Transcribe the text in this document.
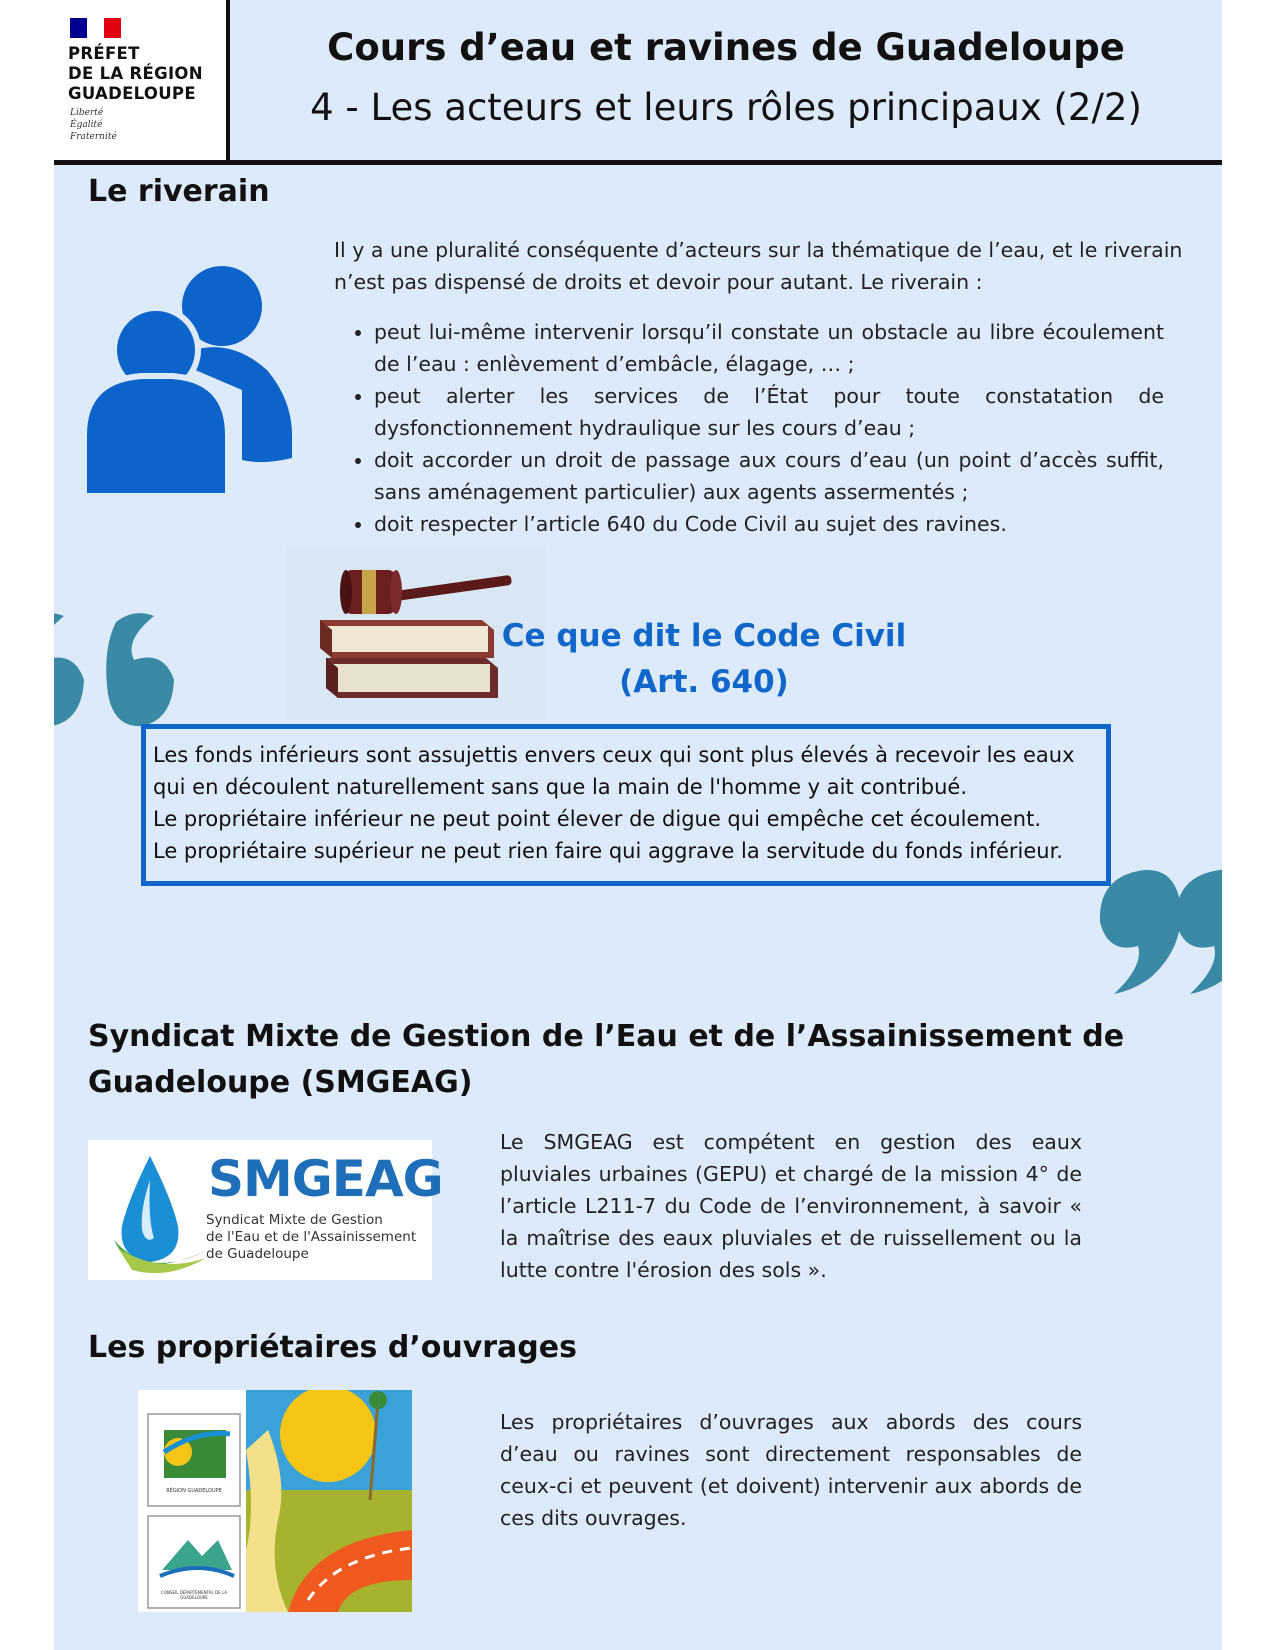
PRÉFET
DE LA RÉGION
GUADELOUPE
Liberté
Égalité
Fraternité
Cours d’eau et ravines de Guadeloupe
4 - Les acteurs et leurs rôles principaux (2/2)
Le riverain
Il y a une pluralité conséquente d’acteurs sur la thématique de l’eau, et le riverain n’est pas dispensé de droits et devoir pour autant. Le riverain :
• peut lui-même intervenir lorsqu’il constate un obstacle au libre écoulement de l’eau : enlèvement d’embâcle, élagage, … ;
• peut alerter les services de l’État pour toute constatation de dysfonctionnement hydraulique sur les cours d’eau ;
• doit accorder un droit de passage aux cours d’eau (un point d’accès suffit, sans aménagement particulier) aux agents assermentés ;
• doit respecter l’article 640 du Code Civil au sujet des ravines.
Ce que dit le Code Civil
(Art. 640)
Les fonds inférieurs sont assujettis envers ceux qui sont plus élevés à recevoir les eaux
qui en découlent naturellement sans que la main de l'homme y ait contribué.
Le propriétaire inférieur ne peut point élever de digue qui empêche cet écoulement.
Le propriétaire supérieur ne peut rien faire qui aggrave la servitude du fonds inférieur.
Syndicat Mixte de Gestion de l’Eau et de l’Assainissement de
Guadeloupe (SMGEAG)
SMGEAG
Syndicat Mixte de Gestion
de l'Eau et de l'Assainissement
de Guadeloupe
Le SMGEAG est compétent en gestion des eaux pluviales urbaines (GEPU) et chargé de la mission 4° de l’article L211-7 du Code de l’environnement, à savoir « la maîtrise des eaux pluviales et de ruissellement ou la lutte contre l'érosion des sols ».
Les propriétaires d’ouvrages
RÉGION GUADELOUPE
CONSEIL DÉPARTEMENTAL DE LA GUADELOUPE
Les propriétaires d’ouvrages aux abords des cours d’eau ou ravines sont directement responsables de ceux-ci et peuvent (et doivent) intervenir aux abords de ces dits ouvrages.
